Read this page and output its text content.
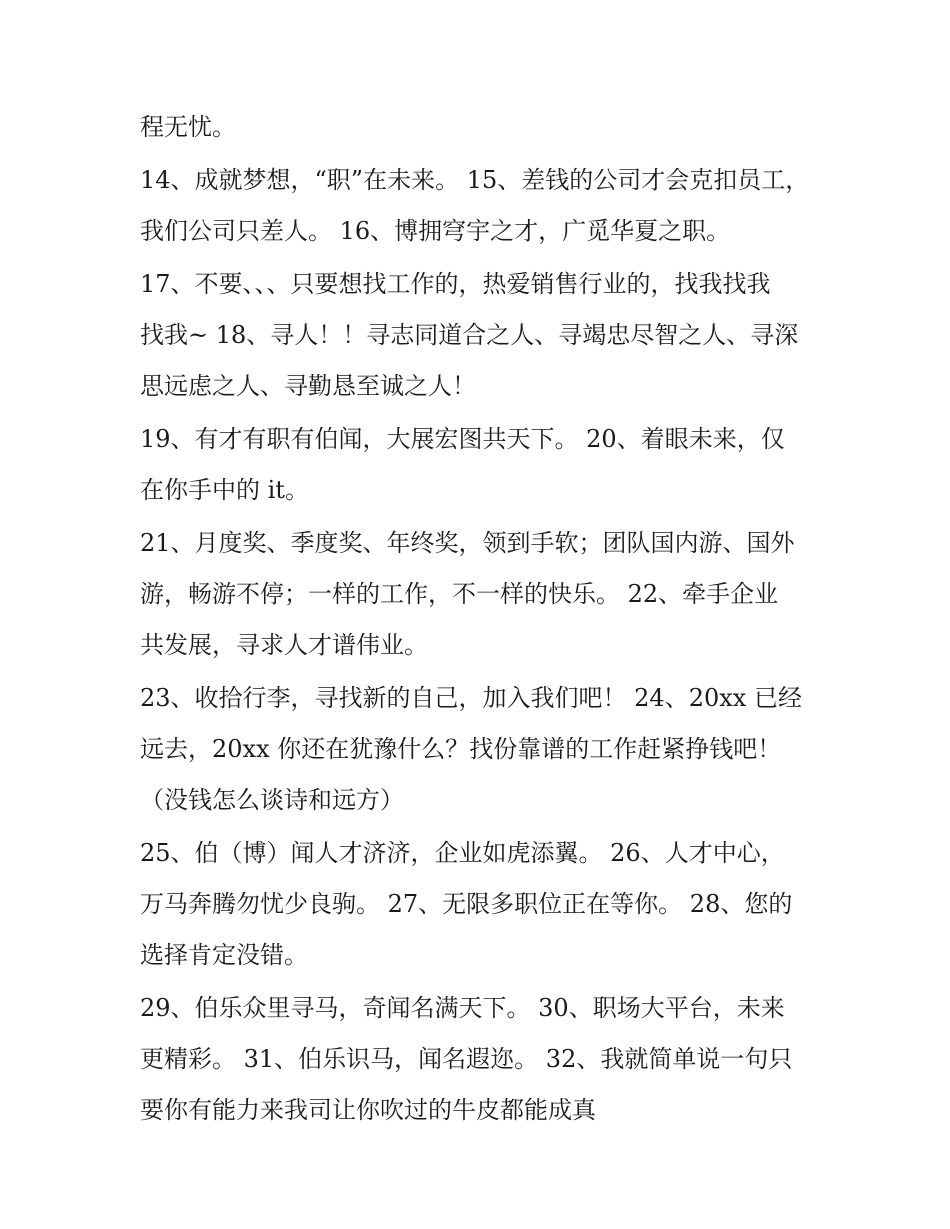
程无忧。
14、成就梦想，“职”在未来。 15、差钱的公司才会克扣员工，
我们公司只差人。 16、博拥穹宇之才，广觅华夏之职。
17、不要、、、只要想找工作的，热爱销售行业的，找我找我
找我~ 18、寻人！！寻志同道合之人、寻竭忠尽智之人、寻深
思远虑之人、寻勤恳至诚之人！
19、有才有职有伯闻，大展宏图共天下。 20、着眼未来，仅
在你手中的 it。
21、月度奖、季度奖、年终奖，领到手软；团队国内游、国外
游，畅游不停；一样的工作，不一样的快乐。 22、牵手企业
共发展，寻求人才谱伟业。
23、收拾行李，寻找新的自己，加入我们吧！ 24、20xx 已经
远去，20xx 你还在犹豫什么？找份靠谱的工作赶紧挣钱吧！
（没钱怎么谈诗和远方）
25、伯（博）闻人才济济，企业如虎添翼。 26、人才中心，
万马奔腾勿忧少良驹。 27、无限多职位正在等你。 28、您的
选择肯定没错。
29、伯乐众里寻马，奇闻名满天下。 30、职场大平台，未来
更精彩。 31、伯乐识马，闻名遐迩。 32、我就简单说一句只
要你有能力来我司让你吹过的牛皮都能成真
